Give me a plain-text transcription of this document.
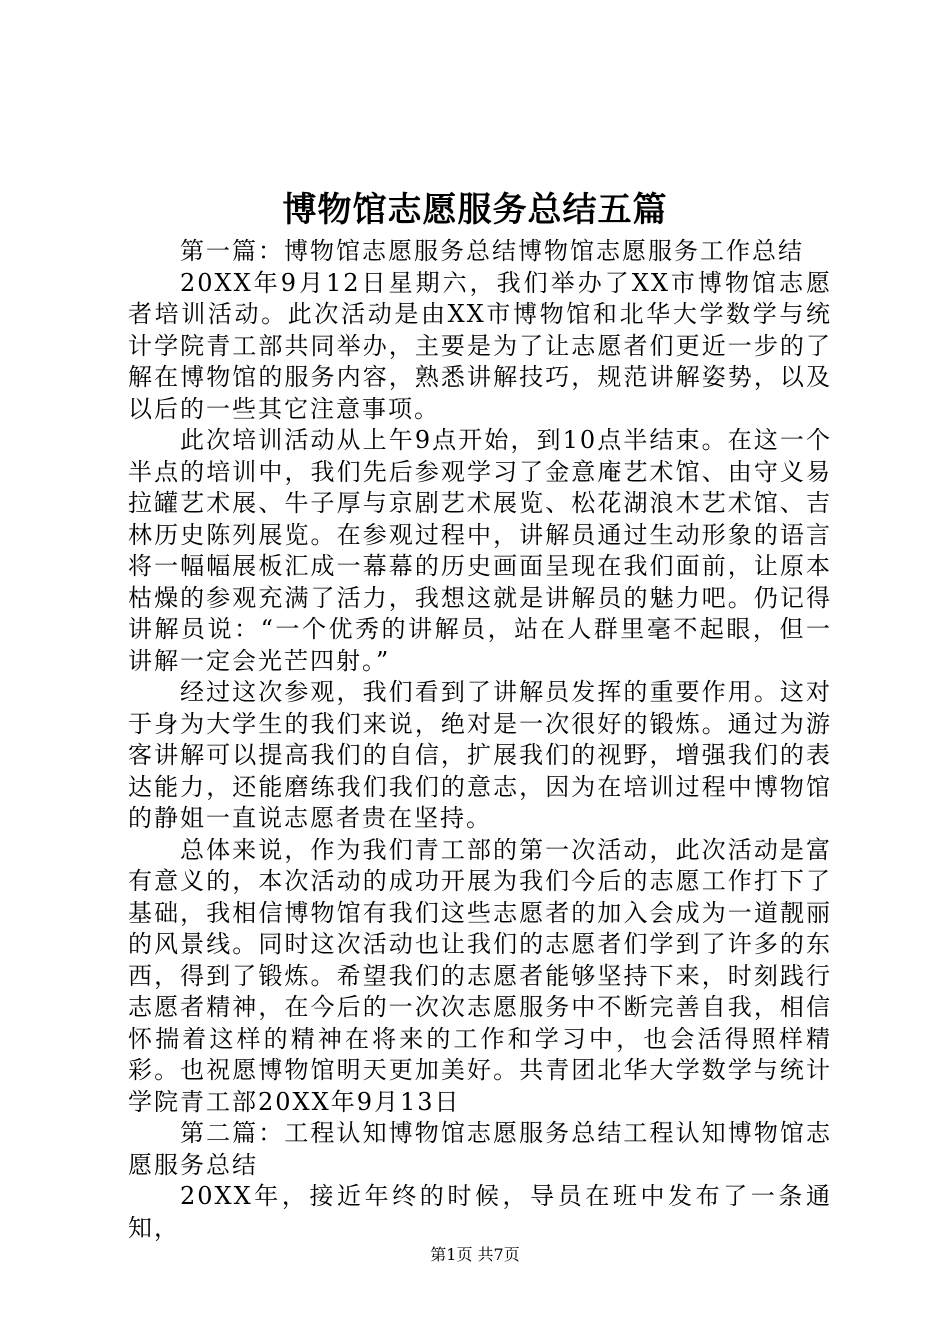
博物馆志愿服务总结五篇

第一篇：博物馆志愿服务总结博物馆志愿服务工作总结

20XX年9月12日星期六，我们举办了XX市博物馆志愿者培训活动。此次活动是由XX市博物馆和北华大学数学与统计学院青工部共同举办，主要是为了让志愿者们更近一步的了解在博物馆的服务内容，熟悉讲解技巧，规范讲解姿势，以及以后的一些其它注意事项。

此次培训活动从上午9点开始，到10点半结束。在这一个半点的培训中，我们先后参观学习了金意庵艺术馆、由守义易拉罐艺术展、牛子厚与京剧艺术展览、松花湖浪木艺术馆、吉林历史陈列展览。在参观过程中，讲解员通过生动形象的语言将一幅幅展板汇成一幕幕的历史画面呈现在我们面前，让原本枯燥的参观充满了活力，我想这就是讲解员的魅力吧。仍记得讲解员说：“一个优秀的讲解员，站在人群里毫不起眼，但一讲解一定会光芒四射。”

经过这次参观，我们看到了讲解员发挥的重要作用。这对于身为大学生的我们来说，绝对是一次很好的锻炼。通过为游客讲解可以提高我们的自信，扩展我们的视野，增强我们的表达能力，还能磨练我们我们的意志，因为在培训过程中博物馆的静姐一直说志愿者贵在坚持。

总体来说，作为我们青工部的第一次活动，此次活动是富有意义的，本次活动的成功开展为我们今后的志愿工作打下了基础，我相信博物馆有我们这些志愿者的加入会成为一道靓丽的风景线。同时这次活动也让我们的志愿者们学到了许多的东西，得到了锻炼。希望我们的志愿者能够坚持下来，时刻践行志愿者精神，在今后的一次次志愿服务中不断完善自我，相信怀揣着这样的精神在将来的工作和学习中，也会活得照样精彩。也祝愿博物馆明天更加美好。共青团北华大学数学与统计学院青工部20XX年9月13日

第二篇：工程认知博物馆志愿服务总结工程认知博物馆志愿服务总结

20XX年，接近年终的时候，导员在班中发布了一条通知，

第1页 共7页
